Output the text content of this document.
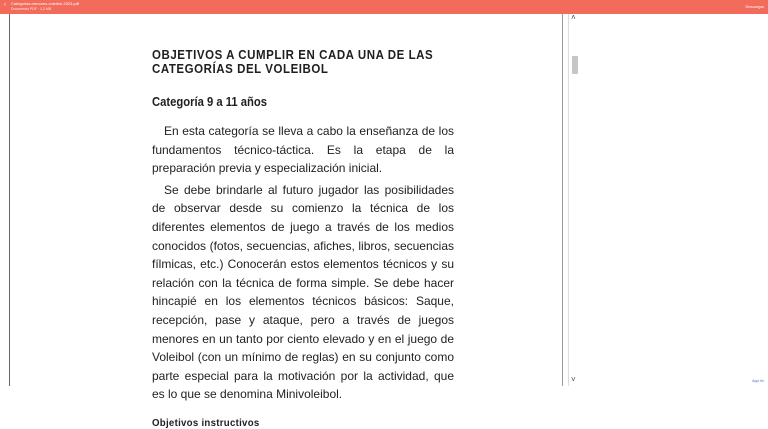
‹ Categorias-menores-voleibol-2023.pdf
Documento PDF · 1,2 MB	Descargar
OBJETIVOS A CUMPLIR EN CADA UNA DE LAS
CATEGORÍAS DEL VOLEIBOL
Categoría 9 a 11 años

En esta categoría se lleva a cabo la enseñanza de los fundamentos técnico-táctica. Es la etapa de la preparación previa y especialización inicial.

Se debe brindarle al futuro jugador las posibilidades de observar desde su comienzo la técnica de los diferentes elementos de juego a través de los medios conocidos (fotos, secuencias, afiches, libros, secuencias fílmicas, etc.) Conocerán estos elementos técnicos y su relación con la técnica de forma simple. Se debe hacer hincapié en los elementos técnicos básicos: Saque, recepción, pase y ataque, pero a través de juegos menores en un tanto por ciento elevado y en el juego de Voleibol (con un mínimo de reglas) en su conjunto como parte especial para la motivación por la actividad, que es lo que se denomina Minivoleibol.

Objetivos instructivos
˄
˅	Aquí fin
